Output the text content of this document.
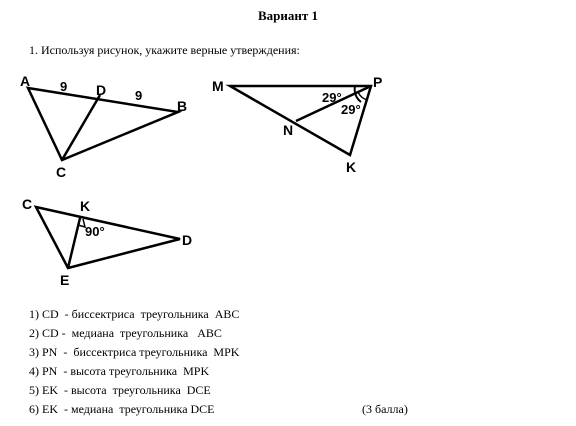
Вариант 1
1. Используя рисунок, укажите верные утверждения:
A
D
B
C
9
9
M	P
N
K
29°
29°
C	K
D
E
90°
1) CD  - биссектриса  треугольника  ABC
2) CD -  медиана  треугольника   ABC
3) PN  -  биссектриса треугольника  MPK
4) PN  - высота треугольника  MPK
5) EK  - высота  треугольника  DCE
6) EK  - медиана  треугольника DCE	(3 балла)
